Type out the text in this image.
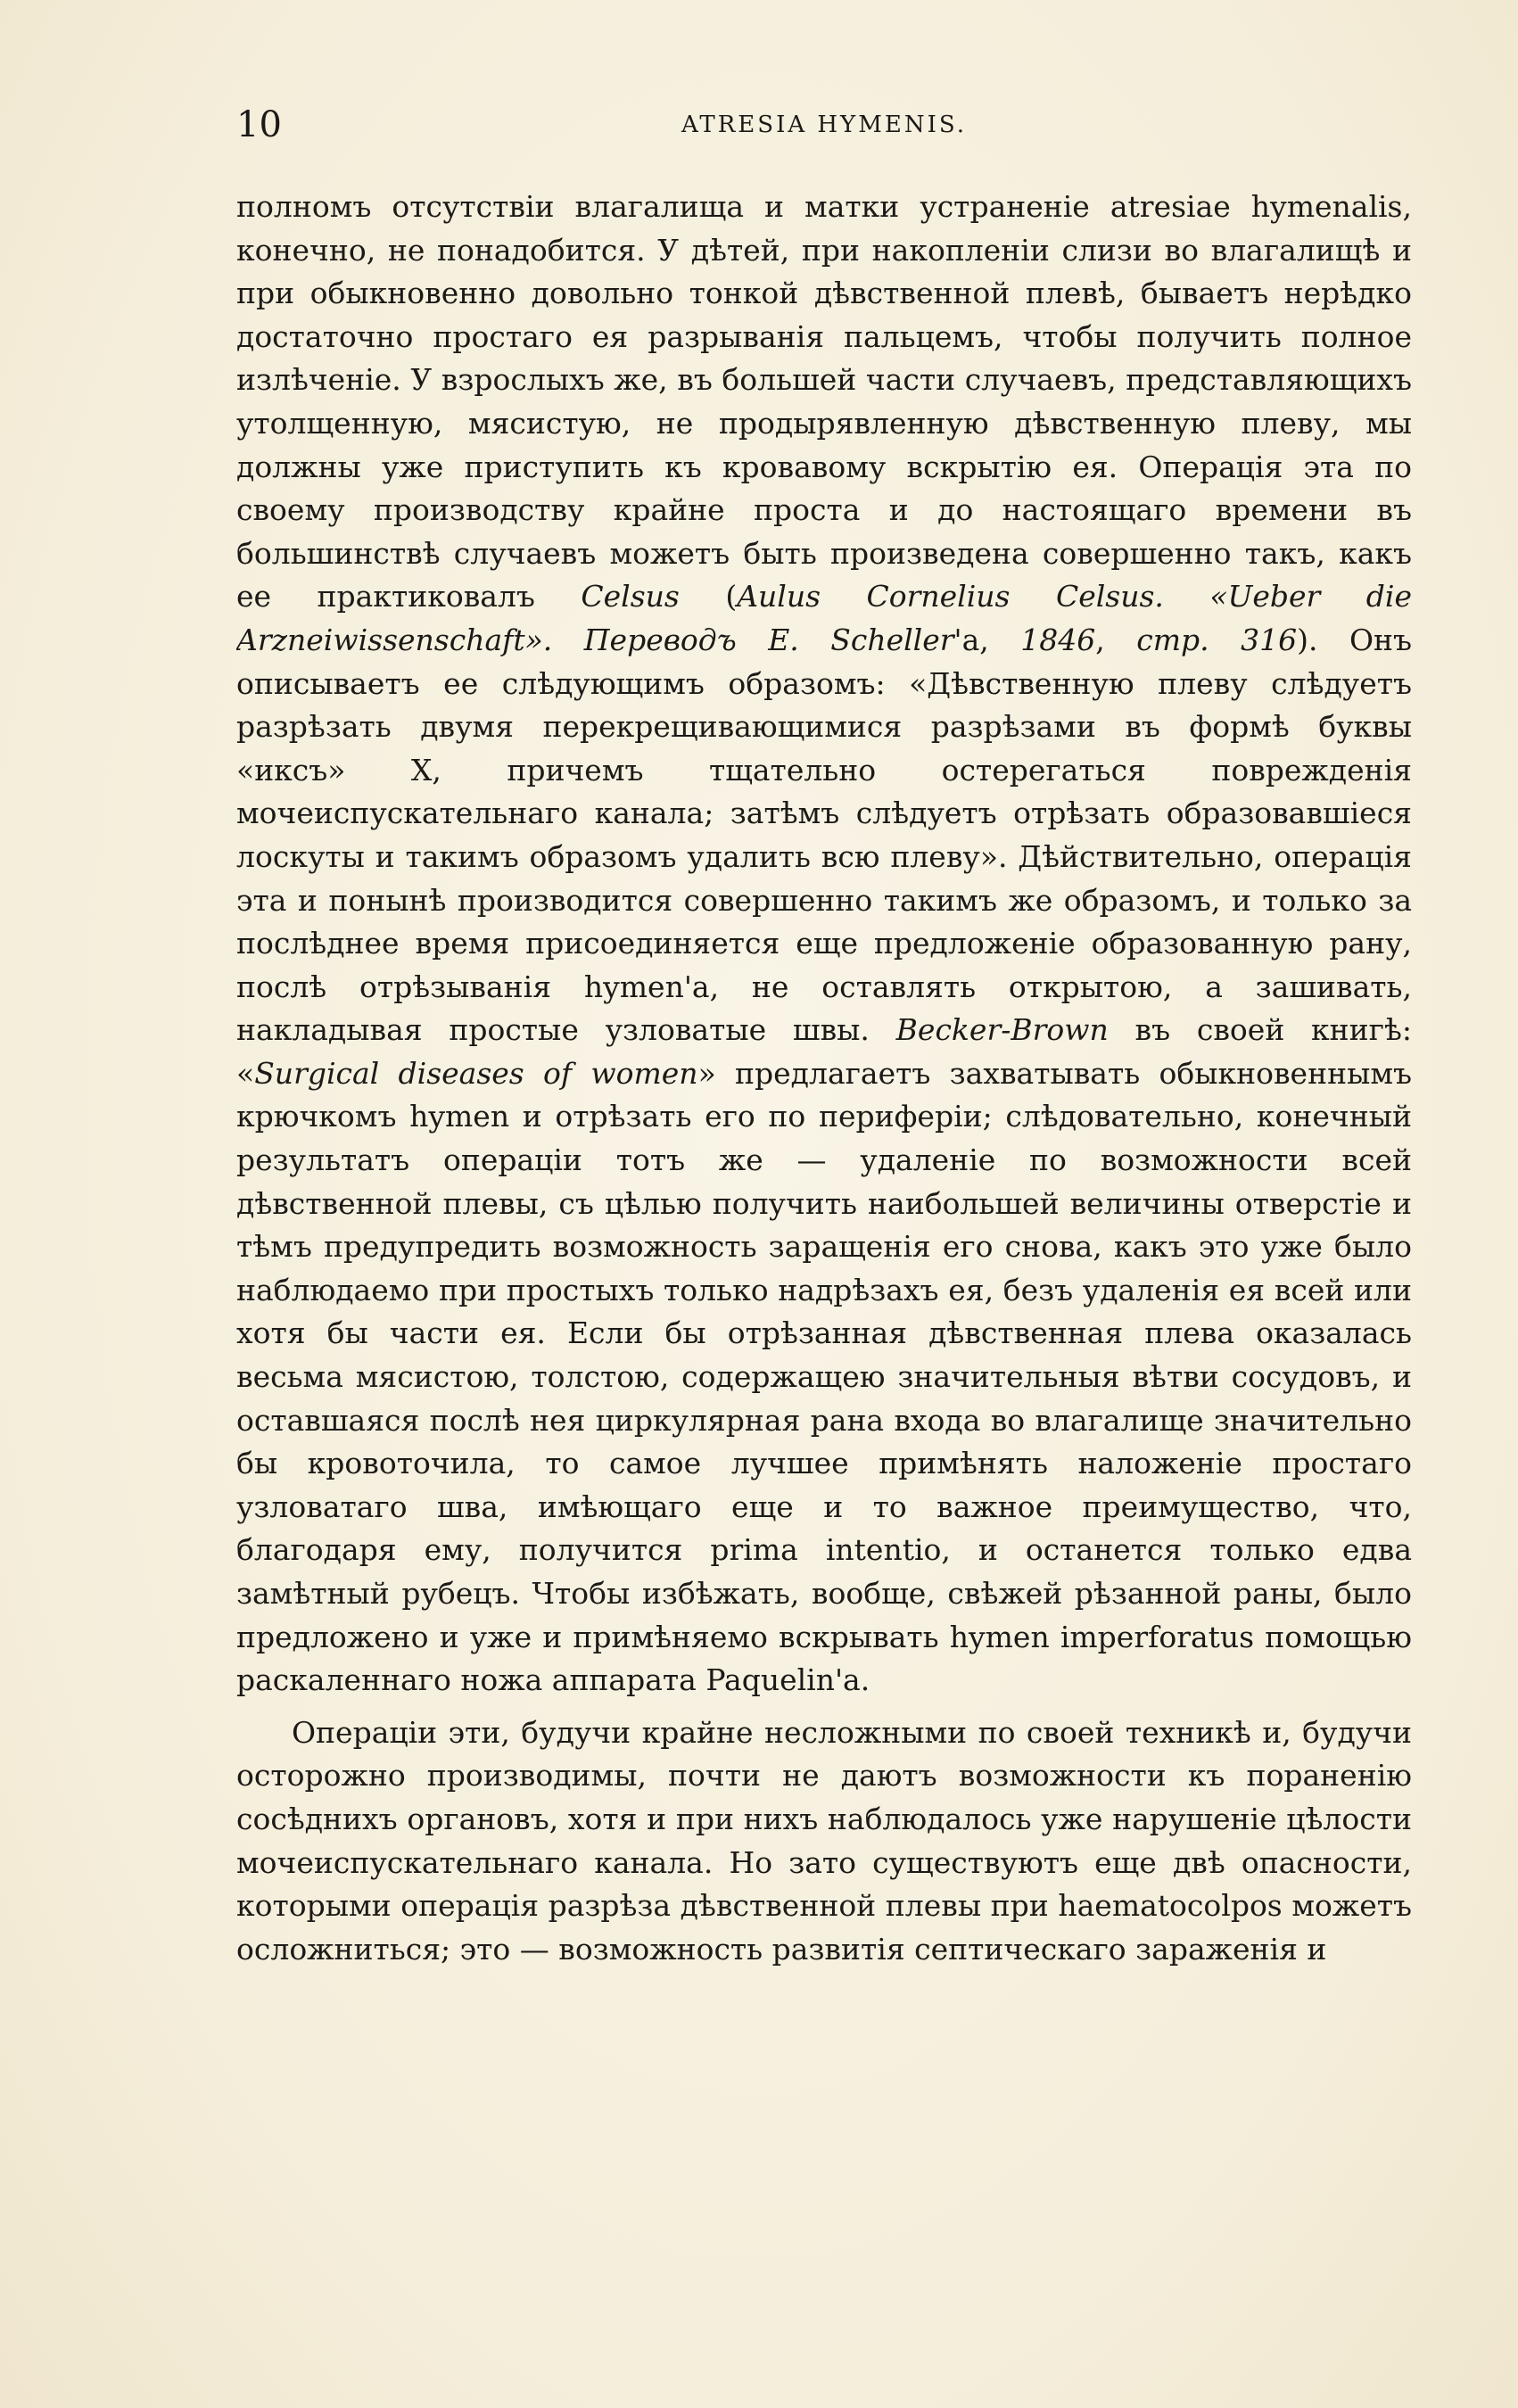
10	ATRESIA HYMENIS.

полномъ отсутствіи влагалища и матки устраненіе atresiae hymenalis, конечно, не понадобится. У дѣтей, при накопленіи слизи во влагалищѣ и при обыкновенно довольно тонкой дѣвственной плевѣ, бываетъ нерѣдко достаточно простаго ея разрыванія пальцемъ, чтобы получить полное излѣченіе. У взрослыхъ же, въ большей части случаевъ, представляющихъ утолщенную, мясистую, не продырявленную дѣвственную плеву, мы должны уже приступить къ кровавому вскрытію ея. Операція эта по своему производству крайне проста и до настоящаго времени въ большинствѣ случаевъ можетъ быть произведена совершенно такъ, какъ ее практиковалъ Celsus (Aulus Cornelius Celsus. «Ueber die Arzneiwissenschaft». Переводъ E. Scheller'а, 1846, стр. 316). Онъ описываетъ ее слѣдующимъ образомъ: «Дѣвственную плеву слѣдуетъ разрѣзать двумя перекрещивающимися разрѣзами въ формѣ буквы «иксъ» X, причемъ тщательно остерегаться поврежденія мочеиспускательнаго канала; затѣмъ слѣдуетъ отрѣзать образовавшіеся лоскуты и такимъ образомъ удалить всю плеву». Дѣйствительно, операція эта и понынѣ производится совершенно такимъ же образомъ, и только за послѣднее время присоединяется еще предложеніе образованную рану, послѣ отрѣзыванія hymen'а, не оставлять открытою, а зашивать, накладывая простые узловатые швы. Becker-Brown въ своей книгѣ: «Surgical diseases of women» предлагаетъ захватывать обыкновеннымъ крючкомъ hymen и отрѣзать его по периферіи; слѣдовательно, конечный результатъ операціи тотъ же — удаленіе по возможности всей дѣвственной плевы, съ цѣлью получить наибольшей величины отверстіе и тѣмъ предупредить возможность заращенія его снова, какъ это уже было наблюдаемо при простыхъ только надрѣзахъ ея, безъ удаленія ея всей или хотя бы части ея. Если бы отрѣзанная дѣвственная плева оказалась весьма мясистою, толстою, содержащею значительныя вѣтви сосудовъ, и оставшаяся послѣ нея циркулярная рана входа во влагалище значительно бы кровоточила, то самое лучшее примѣнять наложеніе простаго узловатаго шва, имѣющаго еще и то важное преимущество, что, благодаря ему, получится prima intentio, и останется только едва замѣтный рубецъ. Чтобы избѣжать, вообще, свѣжей рѣзанной раны, было предложено и уже и примѣняемо вскрывать hymen imperforatus помощью раскаленнаго ножа аппарата Paquelin'а.

Операціи эти, будучи крайне несложными по своей техникѣ и, будучи осторожно производимы, почти не даютъ возможности къ пораненію сосѣднихъ органовъ, хотя и при нихъ наблюдалось уже нарушеніе цѣлости мочеиспускательнаго канала. Но зато существуютъ еще двѣ опасности, которыми операція разрѣза дѣвственной плевы при haematocolpos можетъ осложниться; это — возможность развитія септическаго зараженія и
